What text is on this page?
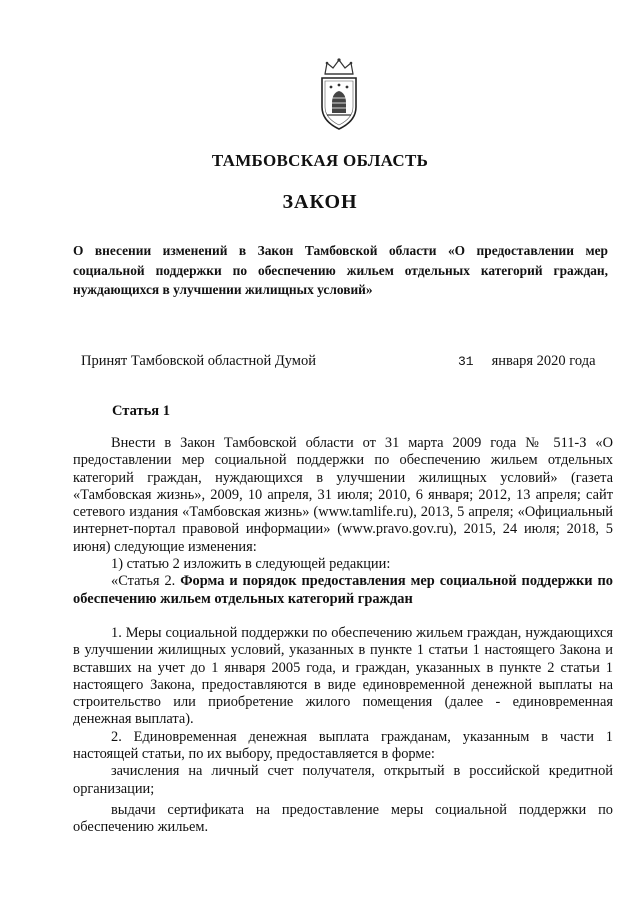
ТАМБОВСКАЯ ОБЛАСТЬ
ЗАКОН
О внесении изменений в Закон Тамбовской области «О предоставлении мер социальной поддержки по обеспечению жильем отдельных категорий граждан, нуждающихся в улучшении жилищных условий»
Принят Тамбовской областной Думой	31 января 2020 года
Статья 1

Внести в Закон Тамбовской области от 31 марта 2009 года № 511-З «О предоставлении мер социальной поддержки по обеспечению жильем отдельных категорий граждан, нуждающихся в улучшении жилищных условий» (газета «Тамбовская жизнь», 2009, 10 апреля, 31 июля; 2010, 6 января; 2012, 13 апреля; сайт сетевого издания «Тамбовская жизнь» (www.tamlife.ru), 2013, 5 апреля; «Официальный интернет-портал правовой информации» (www.pravo.gov.ru), 2015, 24 июля; 2018, 5 июня) следующие изменения:

1) статью 2 изложить в следующей редакции:

«Статья 2. Форма и порядок предоставления мер социальной поддержки по обеспечению жильем отдельных категорий граждан

1. Меры социальной поддержки по обеспечению жильем граждан, нуждающихся в улучшении жилищных условий, указанных в пункте 1 статьи 1 настоящего Закона и вставших на учет до 1 января 2005 года, и граждан, указанных в пункте 2 статьи 1 настоящего Закона, предоставляются в виде единовременной денежной выплаты на строительство или приобретение жилого помещения (далее - единовременная денежная выплата).

2. Единовременная денежная выплата гражданам, указанным в части 1 настоящей статьи, по их выбору, предоставляется в форме:

зачисления на личный счет получателя, открытый в российской кредитной организации;

выдачи сертификата на предоставление меры социальной поддержки по обеспечению жильем.
